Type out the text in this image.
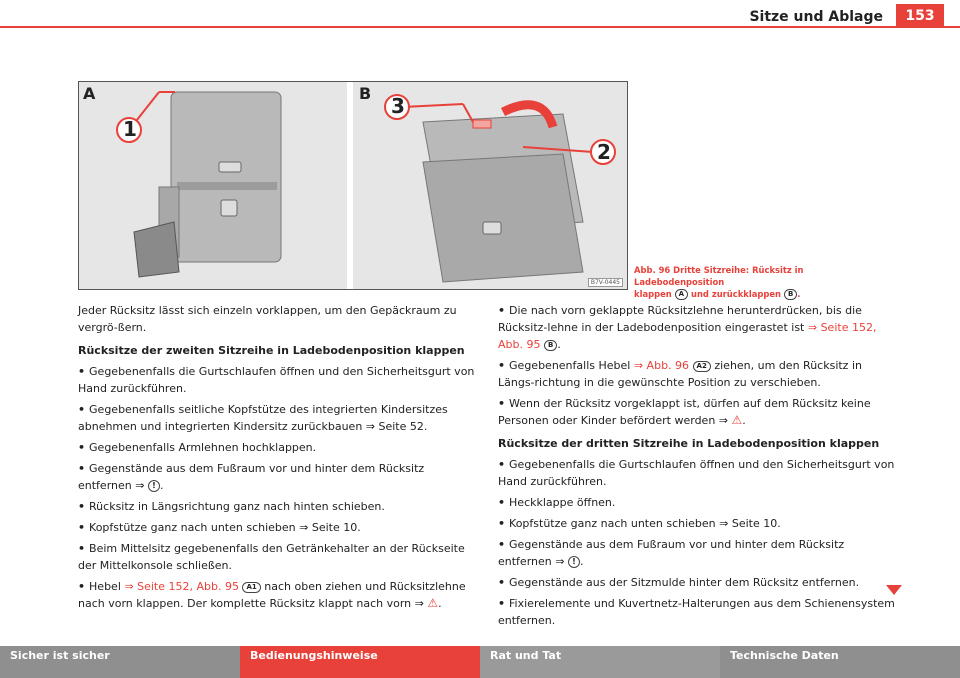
Sitze und Ablage	153
A
1
B
3
2
B7V-0445
Abb. 96 Dritte Sitzreihe: Rücksitz in Ladebodenposition
klappen A und zurückklappen B .

Jeder Rücksitz lässt sich einzeln vorklappen, um den Gepäckraum zu vergrö-ßern.

Rücksitze der zweiten Sitzreihe in Ladebodenposition klappen

• Gegebenenfalls die Gurtschlaufen öffnen und den Sicherheitsgurt von Hand zurückführen.

• Gegebenenfalls seitliche Kopfstütze des integrierten Kindersitzes abnehmen und integrierten Kindersitz zurückbauen ⇒ Seite 52.

• Gegebenenfalls Armlehnen hochklappen.

• Gegenstände aus dem Fußraum vor und hinter dem Rücksitz entfernen ⇒ ! .

• Rücksitz in Längsrichtung ganz nach hinten schieben.

• Kopfstütze ganz nach unten schieben ⇒ Seite 10.

• Beim Mittelsitz gegebenenfalls den Getränkehalter an der Rückseite der Mittelkonsole schließen.

• Hebel ⇒ Seite 152, Abb. 95 A1 nach oben ziehen und Rücksitzlehne nach vorn klappen. Der komplette Rücksitz klappt nach vorn ⇒ ⚠.

• Die nach vorn geklappte Rücksitzlehne herunterdrücken, bis die Rücksitz-lehne in der Ladebodenposition eingerastet ist ⇒ Seite 152, Abb. 95 B .

• Gegebenenfalls Hebel ⇒ Abb. 96 A2 ziehen, um den Rücksitz in Längs-richtung in die gewünschte Position zu verschieben.

• Wenn der Rücksitz vorgeklappt ist, dürfen auf dem Rücksitz keine Personen oder Kinder befördert werden ⇒ ⚠.

Rücksitze der dritten Sitzreihe in Ladebodenposition klappen

• Gegebenenfalls die Gurtschlaufen öffnen und den Sicherheitsgurt von Hand zurückführen.

• Heckklappe öffnen.

• Kopfstütze ganz nach unten schieben ⇒ Seite 10.

• Gegenstände aus dem Fußraum vor und hinter dem Rücksitz entfernen ⇒ ! .

• Gegenstände aus der Sitzmulde hinter dem Rücksitz entfernen.

• Fixierelemente und Kuvertnetz-Halterungen aus dem Schienensystem entfernen.

Sicher ist sicher	Bedienungshinweise	Rat und Tat	Technische Daten
